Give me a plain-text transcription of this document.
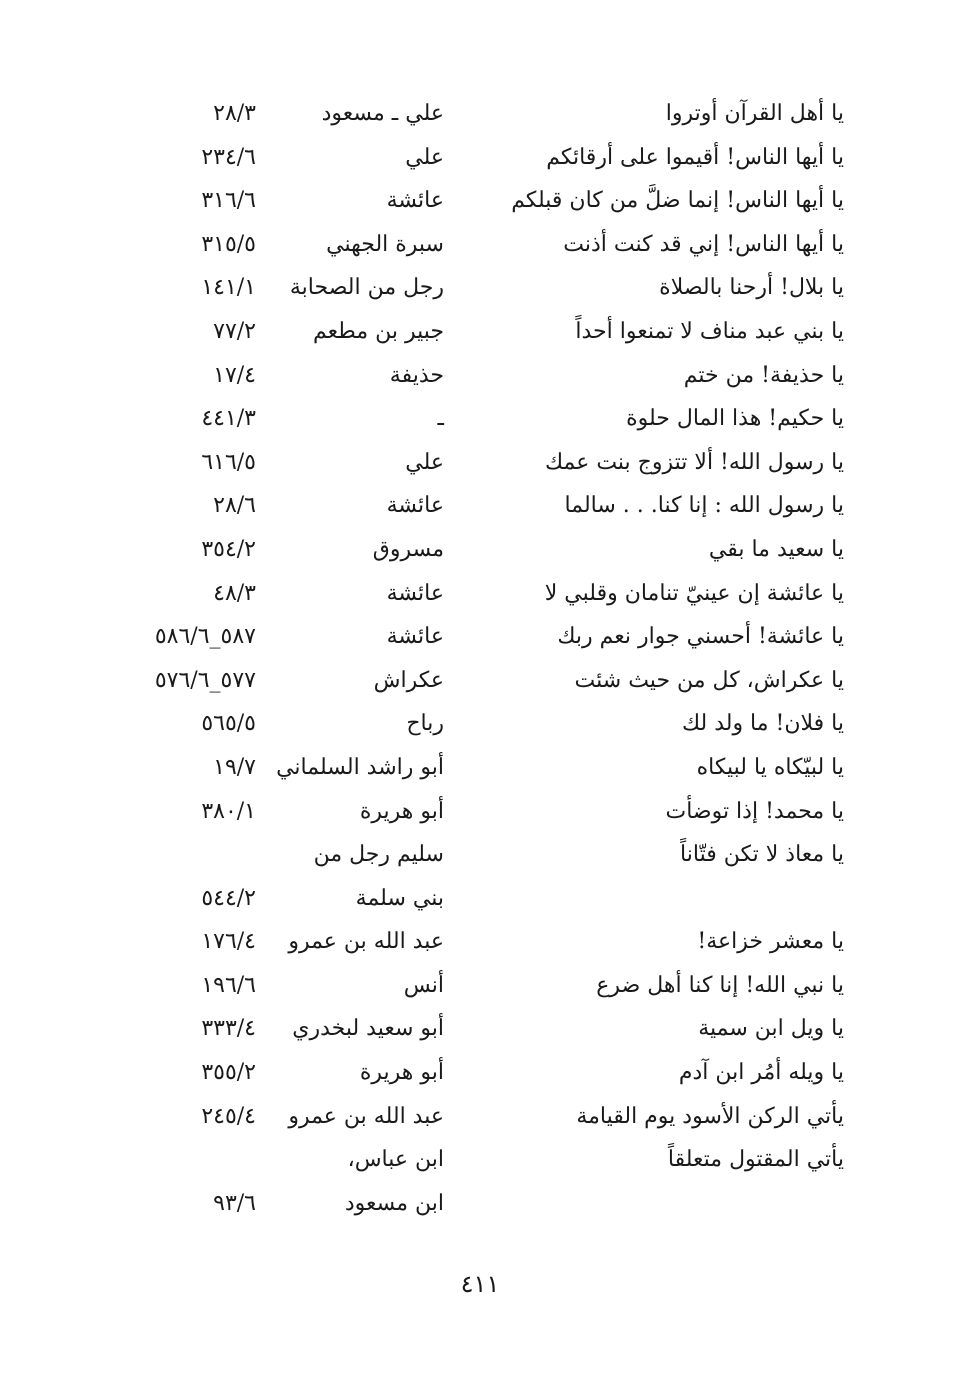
يا أهل القرآن أوتروا
علي ـ مسعود
٢٨/٣
يا أيها الناس! أقيموا على أرقائكم
علي
٢٣٤/٦
يا أيها الناس! إنما ضلَّ من كان قبلكم
عائشة
٣١٦/٦
يا أيها الناس! إني قد كنت أذنت
سبرة الجهني
٣١٥/٥
يا بلال! أرحنا بالصلاة
رجل من الصحابة
١٤١/١
يا بني عبد مناف لا تمنعوا أحداً
جبير بن مطعم
٧٧/٢
يا حذيفة! من ختم
حذيفة
١٧/٤
يا حكيم! هذا المال حلوة
ـ
٤٤١/٣
يا رسول الله! ألا تتزوج بنت عمك
علي
٦١٦/٥
يا رسول الله : إنا كنا. . . سالما
عائشة
٢٨/٦
يا سعيد ما بقي
مسروق
٣٥٤/٢
يا عائشة إن عينيّ تنامان وقلبي لا
عائشة
٤٨/٣
يا عائشة! أحسني جوار نعم ربك
عائشة
٥٨٧_٥٨٦/٦
يا عكراش، كل من حيث شئت
عكراش
٥٧٧_٥٧٦/٦
يا فلان! ما ولد لك
رباح
٥٦٥/٥
يا لبيّكاه يا لبيكاه
أبو راشد السلماني
١٩/٧
يا محمد! إذا توضأت
أبو هريرة
٣٨٠/١
يا معاذ لا تكن فتّاناً
سليم رجل من
بني سلمة
٥٤٤/٢
يا معشر خزاعة!
عبد الله بن عمرو
١٧٦/٤
يا نبي الله! إنا كنا أهل ضرع
أنس
١٩٦/٦
يا ويل ابن سمية
أبو سعيد لبخدري
٣٣٣/٤
يا ويله أمُر ابن آدم
أبو هريرة
٣٥٥/٢
يأتي الركن الأسود يوم القيامة
عبد الله بن عمرو
٢٤٥/٤
يأتي المقتول متعلقاً
ابن عباس،
ابن مسعود
٩٣/٦
٤١١
